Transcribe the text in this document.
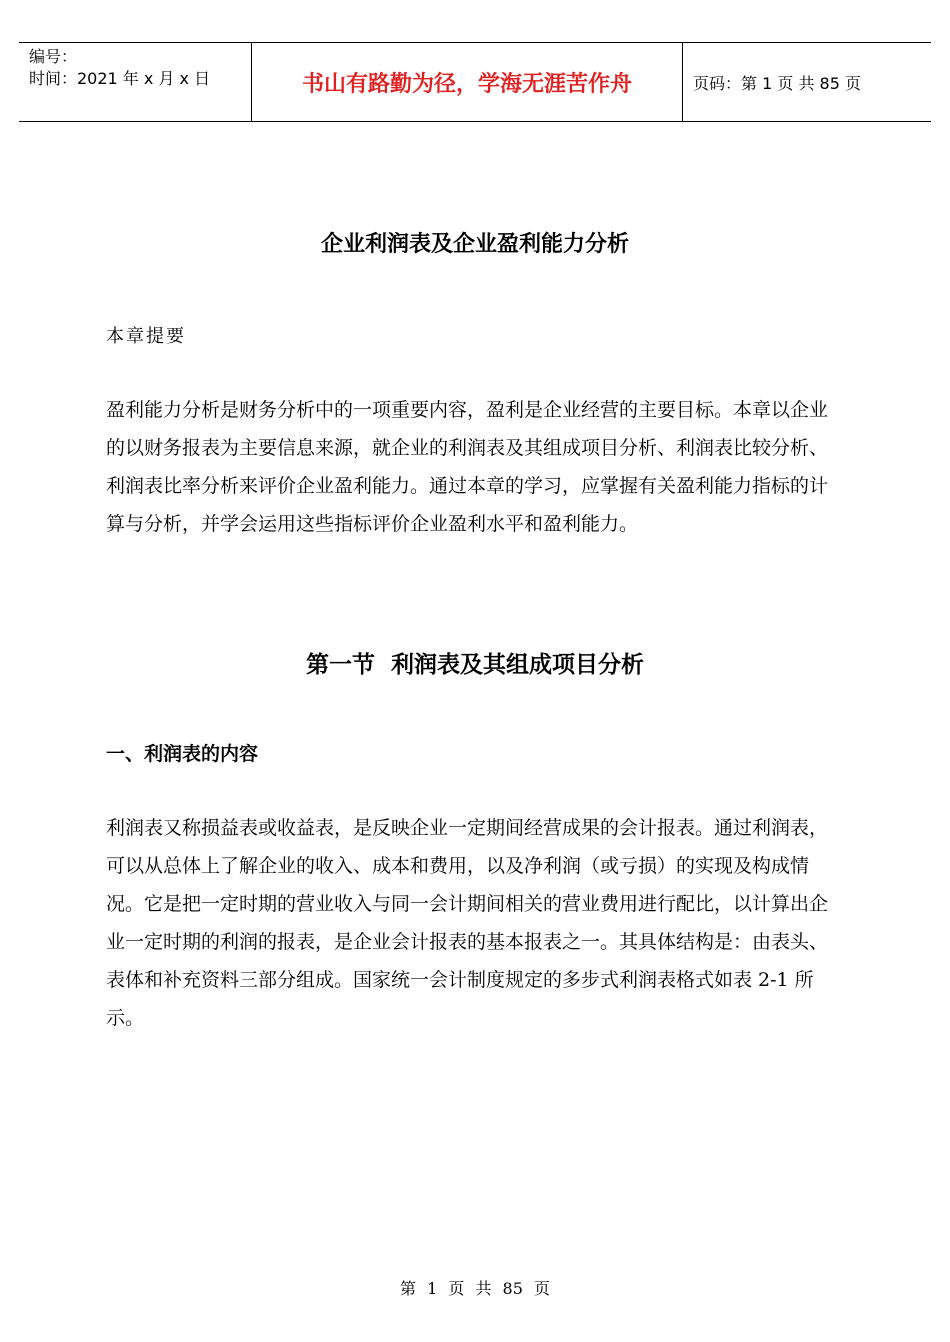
编号：
时间：2021 年 x 月 x 日	书山有路勤为径，学海无涯苦作舟	页码：第 1 页 共 85 页
企业利润表及企业盈利能力分析
本章提要

盈利能力分析是财务分析中的一项重要内容，盈利是企业经营的主要目标。本章以企业的以财务报表为主要信息来源，就企业的利润表及其组成项目分析、利润表比较分析、利润表比率分析来评价企业盈利能力。通过本章的学习，应掌握有关盈利能力指标的计算与分析，并学会运用这些指标评价企业盈利水平和盈利能力。

第一节  利润表及其组成项目分析
一、利润表的内容

利润表又称损益表或收益表，是反映企业一定期间经营成果的会计报表。通过利润表，可以从总体上了解企业的收入、成本和费用，以及净利润（或亏损）的实现及构成情况。它是把一定时期的营业收入与同一会计期间相关的营业费用进行配比，以计算出企业一定时期的利润的报表，是企业会计报表的基本报表之一。其具体结构是：由表头、表体和补充资料三部分组成。国家统一会计制度规定的多步式利润表格式如表 2-1 所示。

第 1 页 共 85 页
